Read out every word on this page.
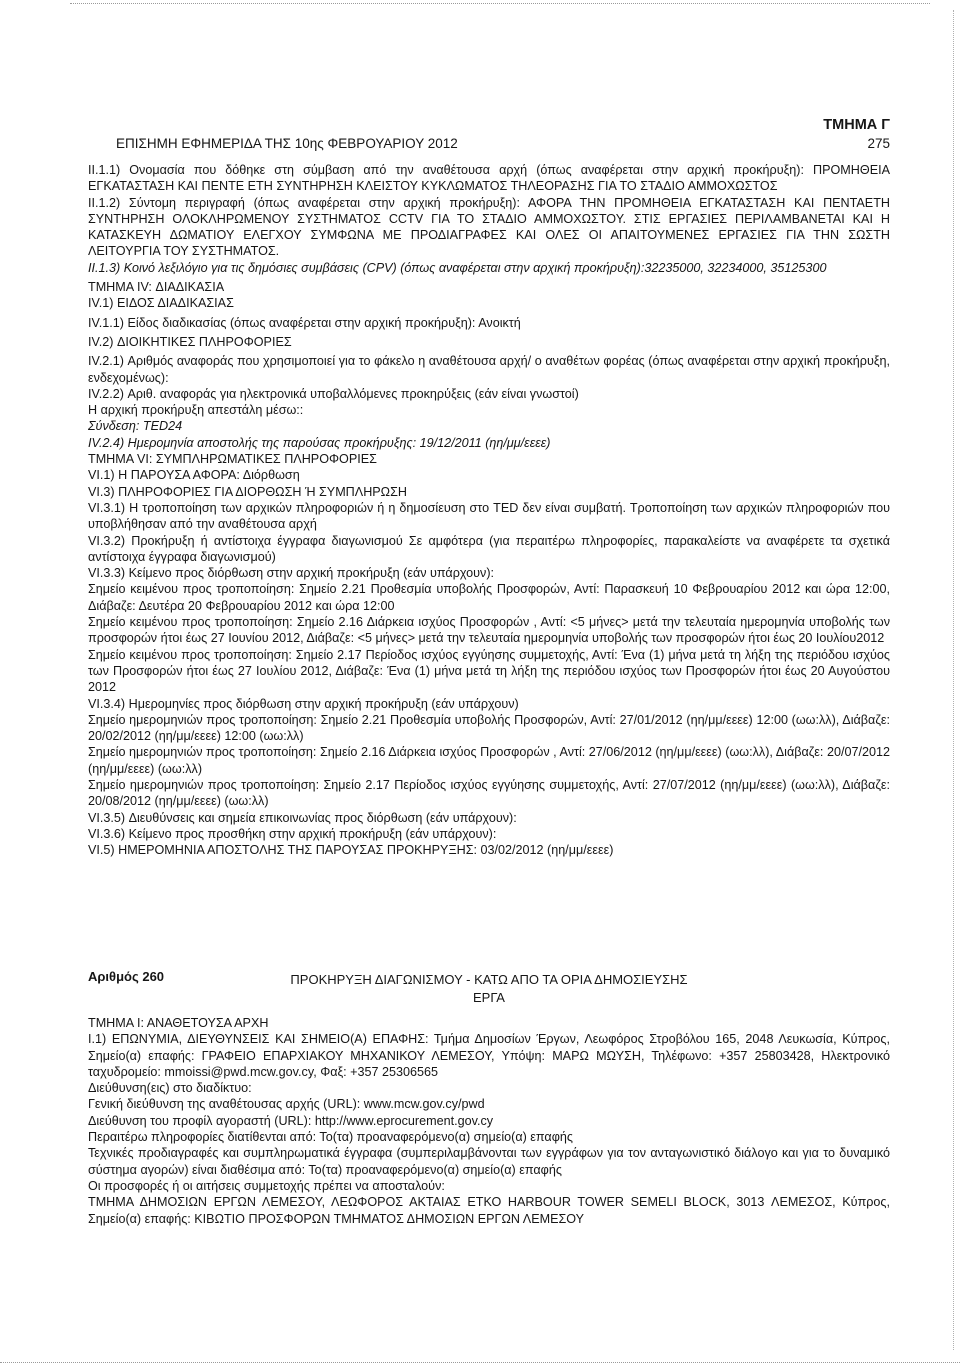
ΤΜΗΜΑ Γ
ΕΠΙΣΗΜΗ ΕΦΗΜΕΡΙΔΑ ΤΗΣ 10ης ΦΕΒΡΟΥΑΡΙΟΥ 2012	275

II.1.1) Ονομασία που δόθηκε στη σύμβαση από την αναθέτουσα αρχή (όπως αναφέρεται στην αρχική προκήρυξη): ΠΡΟΜΗΘΕΙΑ ΕΓΚΑΤΑΣΤΑΣΗ ΚΑΙ ΠΕΝΤΕ ΕΤΗ ΣΥΝΤΗΡΗΣΗ ΚΛΕΙΣΤΟΥ ΚΥΚΛΩΜΑΤΟΣ ΤΗΛΕΟΡΑΣΗΣ ΓΙΑ ΤΟ ΣΤΑΔΙΟ ΑΜΜΟΧΩΣΤΟΣ

II.1.2) Σύντομη περιγραφή (όπως αναφέρεται στην αρχική προκήρυξη): ΑΦΟΡΑ ΤΗΝ ΠΡΟΜΗΘΕΙΑ ΕΓΚΑΤΑΣΤΑΣΗ ΚΑΙ ΠΕΝΤΑΕΤΗ ΣΥΝΤΗΡΗΣΗ ΟΛΟΚΛΗΡΩΜΕΝΟΥ ΣΥΣΤΗΜΑΤΟΣ CCTV ΓΙΑ ΤΟ ΣΤΑΔΙΟ ΑΜΜΟΧΩΣΤΟΥ. ΣΤΙΣ ΕΡΓΑΣΙΕΣ ΠΕΡΙΛΑΜΒΑΝΕΤΑΙ ΚΑΙ Η ΚΑΤΑΣΚΕΥΗ ΔΩΜΑΤΙΟΥ ΕΛΕΓΧΟΥ ΣΥΜΦΩΝΑ ΜΕ ΠΡΟΔΙΑΓΡΑΦΕΣ ΚΑΙ ΟΛΕΣ ΟΙ ΑΠΑΙΤΟΥΜΕΝΕΣ ΕΡΓΑΣΙΕΣ ΓΙΑ ΤΗΝ ΣΩΣΤΗ ΛΕΙΤΟΥΡΓΙΑ ΤΟΥ ΣΥΣΤΗΜΑΤΟΣ.

II.1.3) Κοινό λεξιλόγιο για τις δημόσιες συμβάσεις (CPV) (όπως αναφέρεται στην αρχική προκήρυξη):32235000, 32234000, 35125300

ΤΜΗΜΑ IV: ΔΙΑΔΙΚΑΣΙΑ

IV.1) ΕΙΔΟΣ ΔΙΑΔΙΚΑΣΙΑΣ

IV.1.1) Είδος διαδικασίας (όπως αναφέρεται στην αρχική προκήρυξη): Ανοικτή

IV.2) ΔΙΟΙΚΗΤΙΚΕΣ ΠΛΗΡΟΦΟΡΙΕΣ

IV.2.1) Αριθμός αναφοράς που χρησιμοποιεί για το φάκελο η αναθέτουσα αρχή/ ο αναθέτων φορέας (όπως αναφέρεται στην αρχική προκήρυξη, ενδεχομένως):

IV.2.2) Αριθ. αναφοράς για ηλεκτρονικά υποβαλλόμενες προκηρύξεις (εάν είναι γνωστοί)

Η αρχική προκήρυξη απεστάλη μέσω::

Σύνδεση: TED24

IV.2.4) Ημερομηνία αποστολής της παρούσας προκήρυξης: 19/12/2011 (ηη/μμ/εεεε)

ΤΜΗΜΑ VI: ΣΥΜΠΛΗΡΩΜΑΤΙΚΕΣ ΠΛΗΡΟΦΟΡΙΕΣ

VI.1) Η ΠΑΡΟΥΣΑ ΑΦΟΡΑ: Διόρθωση

VI.3) ΠΛΗΡΟΦΟΡΙΕΣ ΓΙΑ ΔΙΟΡΘΩΣΗ Ή ΣΥΜΠΛΗΡΩΣΗ

VI.3.1) Η τροποποίηση των αρχικών πληροφοριών ή η δημοσίευση στο TED δεν είναι συμβατή. Τροποποίηση των αρχικών πληροφοριών που υποβλήθησαν από την αναθέτουσα αρχή

VI.3.2) Προκήρυξη ή αντίστοιχα έγγραφα διαγωνισμού Σε αμφότερα (για περαιτέρω πληροφορίες, παρακαλείστε να αναφέρετε τα σχετικά αντίστοιχα έγγραφα διαγωνισμού)

VI.3.3) Κείμενο προς διόρθωση στην αρχική προκήρυξη (εάν υπάρχουν):

Σημείο κειμένου προς τροποποίηση: Σημείο 2.21 Προθεσμία υποβολής Προσφορών, Αντί: Παρασκευή 10 Φεβρουαρίου 2012 και ώρα 12:00, Διάβαζε: Δευτέρα 20 Φεβρουαρίου 2012 και ώρα 12:00

Σημείο κειμένου προς τροποποίηση: Σημείο 2.16 Διάρκεια ισχύος Προσφορών , Αντί: <5 μήνες> μετά την τελευταία ημερομηνία υποβολής των προσφορών ήτοι έως 27 Ιουνίου 2012, Διάβαζε: <5 μήνες> μετά την τελευταία ημερομηνία υποβολής των προσφορών ήτοι έως 20 Ιουλίου2012

Σημείο κειμένου προς τροποποίηση: Σημείο 2.17 Περίοδος ισχύος εγγύησης συμμετοχής, Αντί: Ένα (1) μήνα μετά τη λήξη της περιόδου ισχύος των Προσφορών ήτοι έως 27 Ιουλίου 2012, Διάβαζε: Ένα (1) μήνα μετά τη λήξη της περιόδου ισχύος των Προσφορών ήτοι έως 20 Αυγούστου 2012

VI.3.4) Ημερομηνίες προς διόρθωση στην αρχική προκήρυξη (εάν υπάρχουν)

Σημείο ημερομηνιών προς τροποποίηση: Σημείο 2.21 Προθεσμία υποβολής Προσφορών, Αντί: 27/01/2012 (ηη/μμ/εεεε) 12:00 (ωω:λλ), Διάβαζε: 20/02/2012 (ηη/μμ/εεεε) 12:00 (ωω:λλ)

Σημείο ημερομηνιών προς τροποποίηση: Σημείο 2.16 Διάρκεια ισχύος Προσφορών , Αντί: 27/06/2012 (ηη/μμ/εεεε) (ωω:λλ), Διάβαζε: 20/07/2012 (ηη/μμ/εεεε) (ωω:λλ)

Σημείο ημερομηνιών προς τροποποίηση: Σημείο 2.17 Περίοδος ισχύος εγγύησης συμμετοχής, Αντί: 27/07/2012 (ηη/μμ/εεεε) (ωω:λλ), Διάβαζε: 20/08/2012 (ηη/μμ/εεεε) (ωω:λλ)

VI.3.5) Διευθύνσεις και σημεία επικοινωνίας προς διόρθωση (εάν υπάρχουν):

VI.3.6) Κείμενο προς προσθήκη στην αρχική προκήρυξη (εάν υπάρχουν):

VI.5) ΗΜΕΡΟΜΗΝΙΑ ΑΠΟΣΤΟΛΗΣ ΤΗΣ ΠΑΡΟΥΣΑΣ ΠΡΟΚΗΡΥΞΗΣ: 03/02/2012 (ηη/μμ/εεεε)

Αριθμός 260	ΠΡΟΚΗΡΥΞΗ ΔΙΑΓΩΝΙΣΜΟΥ - ΚΑΤΩ ΑΠΟ ΤΑ ΟΡΙΑ ΔΗΜΟΣΙΕΥΣΗΣ
ΕΡΓΑ

ΤΜΗΜΑ Ι: ΑΝΑΘΕΤΟΥΣΑ ΑΡΧΗ

I.1) ΕΠΩΝΥΜΙΑ, ΔΙΕΥΘΥΝΣΕΙΣ ΚΑΙ ΣΗΜΕΙΟ(Α) ΕΠΑΦΗΣ: Τμήμα Δημοσίων Έργων, Λεωφόρος Στροβόλου 165, 2048 Λευκωσία, Κύπρος, Σημείο(α) επαφής: ΓΡΑΦΕΙΟ ΕΠΑΡΧΙΑΚΟΥ ΜΗΧΑΝΙΚΟΥ ΛΕΜΕΣΟΥ, Υπόψη: ΜΑΡΩ ΜΩΥΣΗ, Τηλέφωνο: +357 25803428, Ηλεκτρονικό ταχυδρομείο: mmoissi@pwd.mcw.gov.cy, Φαξ: +357 25306565

Διεύθυνση(εις) στο διαδίκτυο:

Γενική διεύθυνση της αναθέτουσας αρχής (URL): www.mcw.gov.cy/pwd

Διεύθυνση του προφίλ αγοραστή (URL): http://www.eprocurement.gov.cy

Περαιτέρω πληροφορίες διατίθενται από: Το(τα) προαναφερόμενο(α) σημείο(α) επαφής

Τεχνικές προδιαγραφές και συμπληρωματικά έγγραφα (συμπεριλαμβάνονται των εγγράφων για τον ανταγωνιστικό διάλογο και για το δυναμικό σύστημα αγορών) είναι διαθέσιμα από: Το(τα) προαναφερόμενο(α) σημείο(α) επαφής

Οι προσφορές ή οι αιτήσεις συμμετοχής πρέπει να αποσταλούν:

ΤΜΗΜΑ ΔΗΜΟΣΙΩΝ ΕΡΓΩΝ ΛΕΜΕΣΟΥ, ΛΕΩΦΟΡΟΣ ΑΚΤΑΙΑΣ ΕΤΚΟ HARBOUR TOWER SEMELI BLOCK, 3013 ΛΕΜΕΣΟΣ, Κύπρος, Σημείο(α) επαφής: ΚΙΒΩΤΙΟ ΠΡΟΣΦΟΡΩΝ ΤΜΗΜΑΤΟΣ ΔΗΜΟΣΙΩΝ ΕΡΓΩΝ ΛΕΜΕΣΟΥ
